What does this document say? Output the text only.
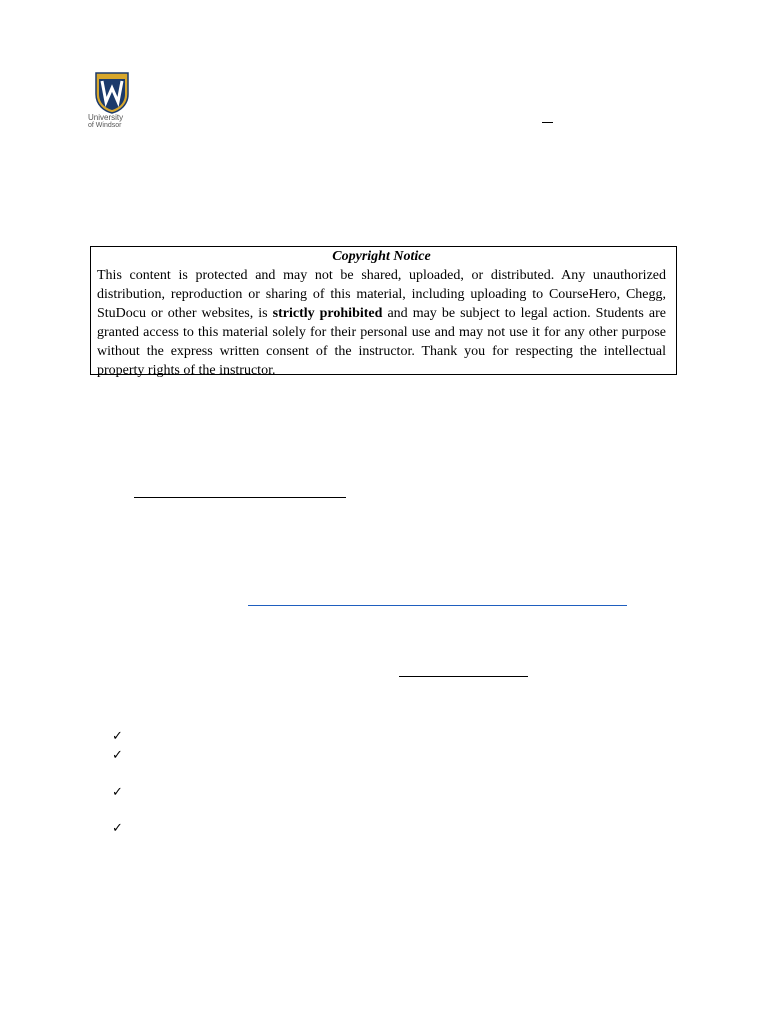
University
of Windsor
Copyright Notice
This content is protected and may not be shared, uploaded, or distributed. Any unauthorized distribution, reproduction or sharing of this material, including uploading to CourseHero, Chegg, StuDocu or other websites, is strictly prohibited and may be subject to legal action. Students are granted access to this material solely for their personal use and may not use it for any other purpose without the express written consent of the instructor. Thank you for respecting the intellectual property rights of the instructor.
✓
✓
✓
✓
